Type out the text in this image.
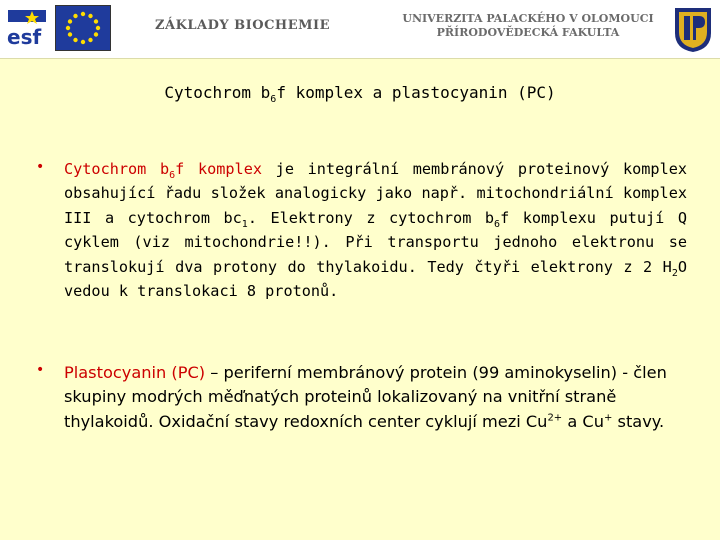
esf	ZÁKLADY BIOCHEMIE	UNIVERZITA PALACKÉHO V OLOMOUCI
PŘÍRODOVĚDECKÁ FAKULTA
Cytochrom $b_6f$ komplex a plastocyanin (PC)
• Cytochrom $b_6f$ komplex je integrální membránový proteinový komplex obsahující řadu složek analogicky jako např. mitochondriální komplex III a cytochrom $bc_1$. Elektrony z cytochrom $b_6f$ komplexu putují Q cyklem (viz mitochondrie!!). Při transportu jednoho elektronu se translokují dva protony do thylakoidu. Tedy čtyři elektrony z 2 $H_2O$ vedou k translokaci 8 protonů.
• Plastocyanin (PC) – periferní membránový protein (99 aminokyselin) - člen skupiny modrých měďnatých proteinů lokalizovaný na vnitřní straně thylakoidů. Oxidační stavy redoxních center cyklují mezi $Cu^{2+}$ a Cu+ stavy.
